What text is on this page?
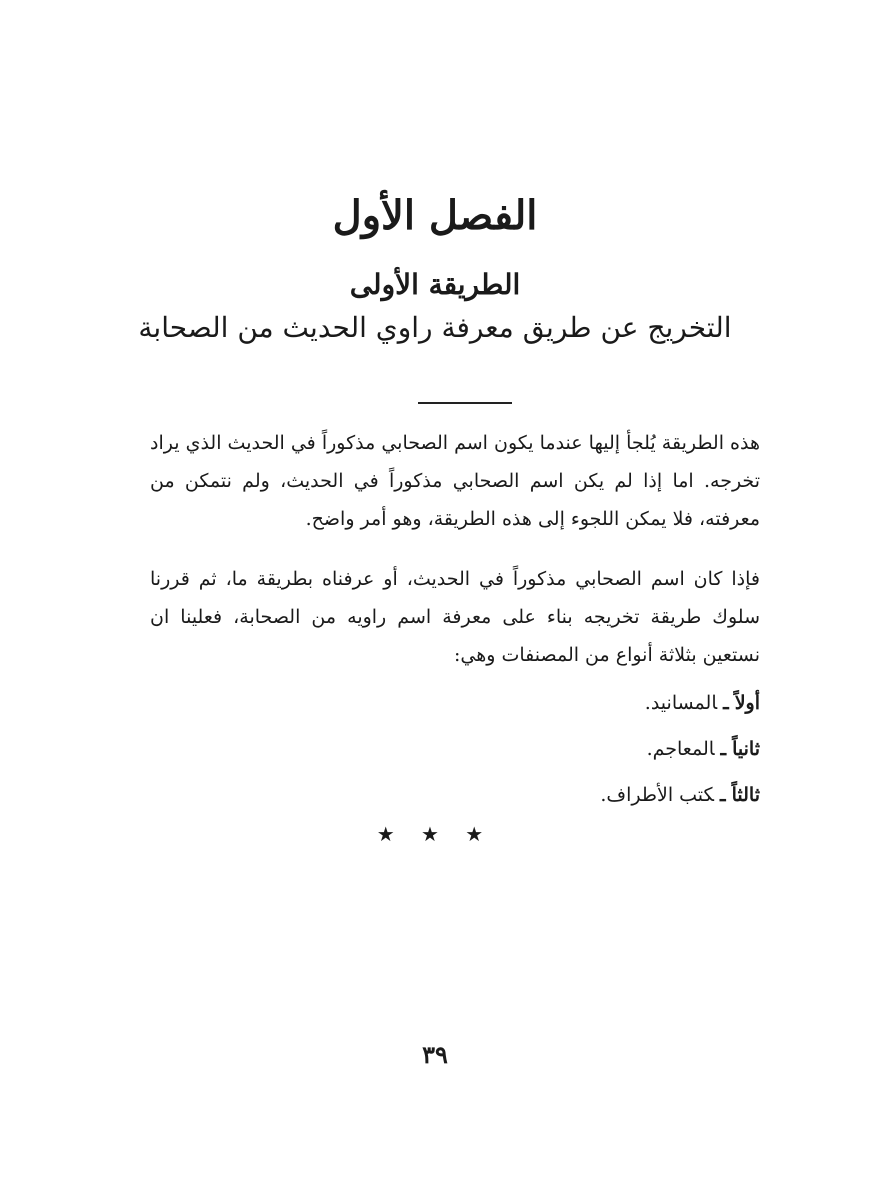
الفصل الأول
الطريقة الأولى
التخريج عن طريق معرفة راوي الحديث من الصحابة

هذه الطريقة يُلجأ إليها عندما يكون اسم الصحابي مذكوراً في الحديث الذي يراد تخرجه. اما إذا لم يكن اسم الصحابي مذكوراً في الحديث، ولم نتمكن من معرفته، فلا يمكن اللجوء إلى هذه الطريقة، وهو أمر واضح.

فإذا كان اسم الصحابي مذكوراً في الحديث، أو عرفناه بطريقة ما، ثم قررنا سلوك طريقة تخريجه بناء على معرفة اسم راويه من الصحابة، فعلينا ان نستعين بثلاثة أنواع من المصنفات وهي:

أولاًـالمسانيد.
ثانياًـالمعاجم.
ثالثاًـكتب الأطراف.

★ ★ ★

٣٩
